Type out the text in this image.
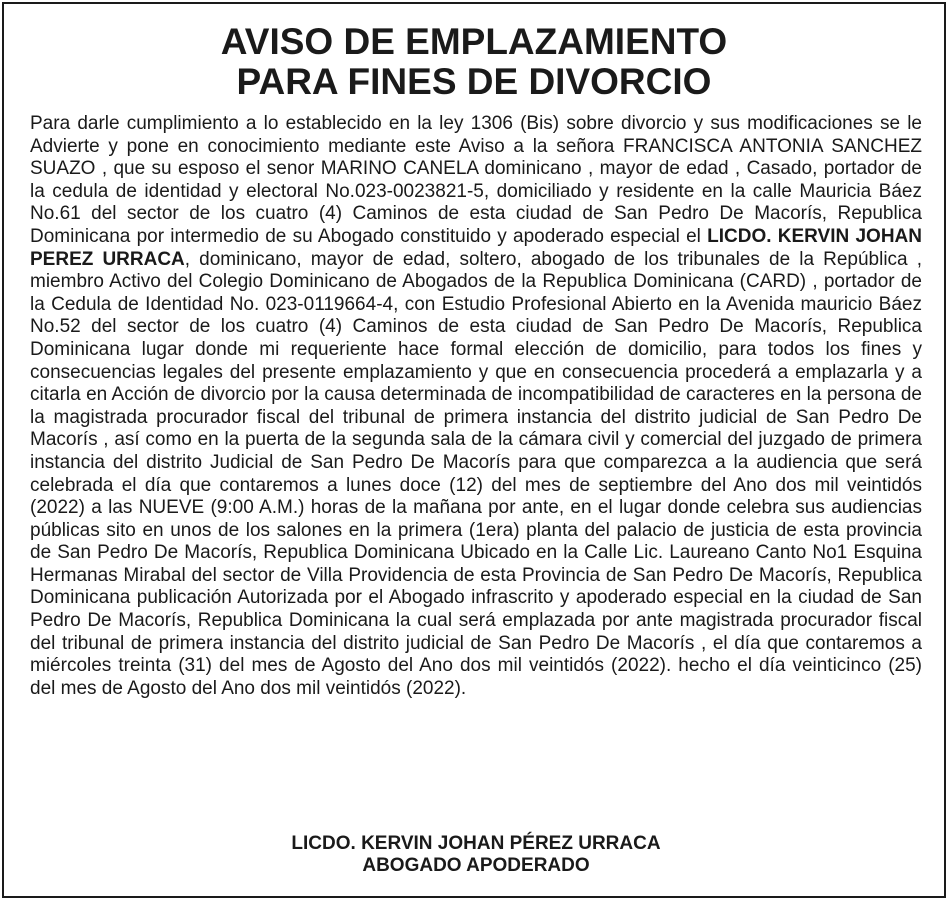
AVISO DE EMPLAZAMIENTO
PARA FINES DE DIVORCIO
Para darle cumplimiento a lo establecido en la ley 1306 (Bis) sobre divorcio y sus modificaciones se le Advierte y pone en conocimiento mediante este Aviso a la señora FRANCISCA ANTONIA SANCHEZ SUAZO , que su esposo el senor MARINO CANELA dominicano , mayor de edad , Casado, portador de la cedula de identidad y electoral No.023-0023821-5, domiciliado y residente en la calle Mauricia Báez No.61 del sector de los cuatro (4) Caminos de esta ciudad de San Pedro De Macorís, Republica Dominicana por intermedio de su Abogado constituido y apoderado especial el LICDO. KERVIN JOHAN PEREZ URRACA, dominicano, mayor de edad, soltero, abogado de los tribunales de la República , miembro Activo del Colegio Dominicano de Abogados de la Republica Dominicana (CARD) , portador de la Cedula de Identidad No. 023-0119664-4, con Estudio Profesional Abierto en la Avenida mauricio Báez No.52 del sector de los cuatro (4) Caminos de esta ciudad de San Pedro De Macorís, Republica Dominicana lugar donde mi requeriente hace formal elección de domicilio, para todos los fines y consecuencias legales del presente emplazamiento y que en consecuencia procederá a emplazarla y a citarla en Acción de divorcio por la causa determinada de incompatibilidad de caracteres en la persona de la magistrada procurador fiscal del tribunal de primera instancia del distrito judicial de San Pedro De Macorís , así como en la puerta de la segunda sala de la cámara civil y comercial del juzgado de primera instancia del distrito Judicial de San Pedro De Macorís para que comparezca a la audiencia que será celebrada el día que contaremos a lunes doce (12) del mes de septiembre del Ano dos mil veintidós (2022) a las NUEVE (9:00 A.M.) horas de la mañana por ante, en el lugar donde celebra sus audiencias públicas sito en unos de los salones en la primera (1era) planta del palacio de justicia de esta provincia de San Pedro De Macorís, Republica Dominicana Ubicado en la Calle Lic. Laureano Canto No1 Esquina Hermanas Mirabal del sector de Villa Providencia de esta Provincia de San Pedro De Macorís, Republica Dominicana publicación Autorizada por el Abogado infrascrito y apoderado especial en la ciudad de San Pedro De Macorís, Republica Dominicana la cual será emplazada por ante magistrada procurador fiscal del tribunal de primera instancia del distrito judicial de San Pedro De Macorís , el día que contaremos a miércoles treinta (31) del mes de Agosto del Ano dos mil veintidós (2022). hecho el día veinticinco (25) del mes de Agosto del Ano dos mil veintidós (2022).
LICDO. KERVIN JOHAN PÉREZ URRACA
ABOGADO APODERADO
